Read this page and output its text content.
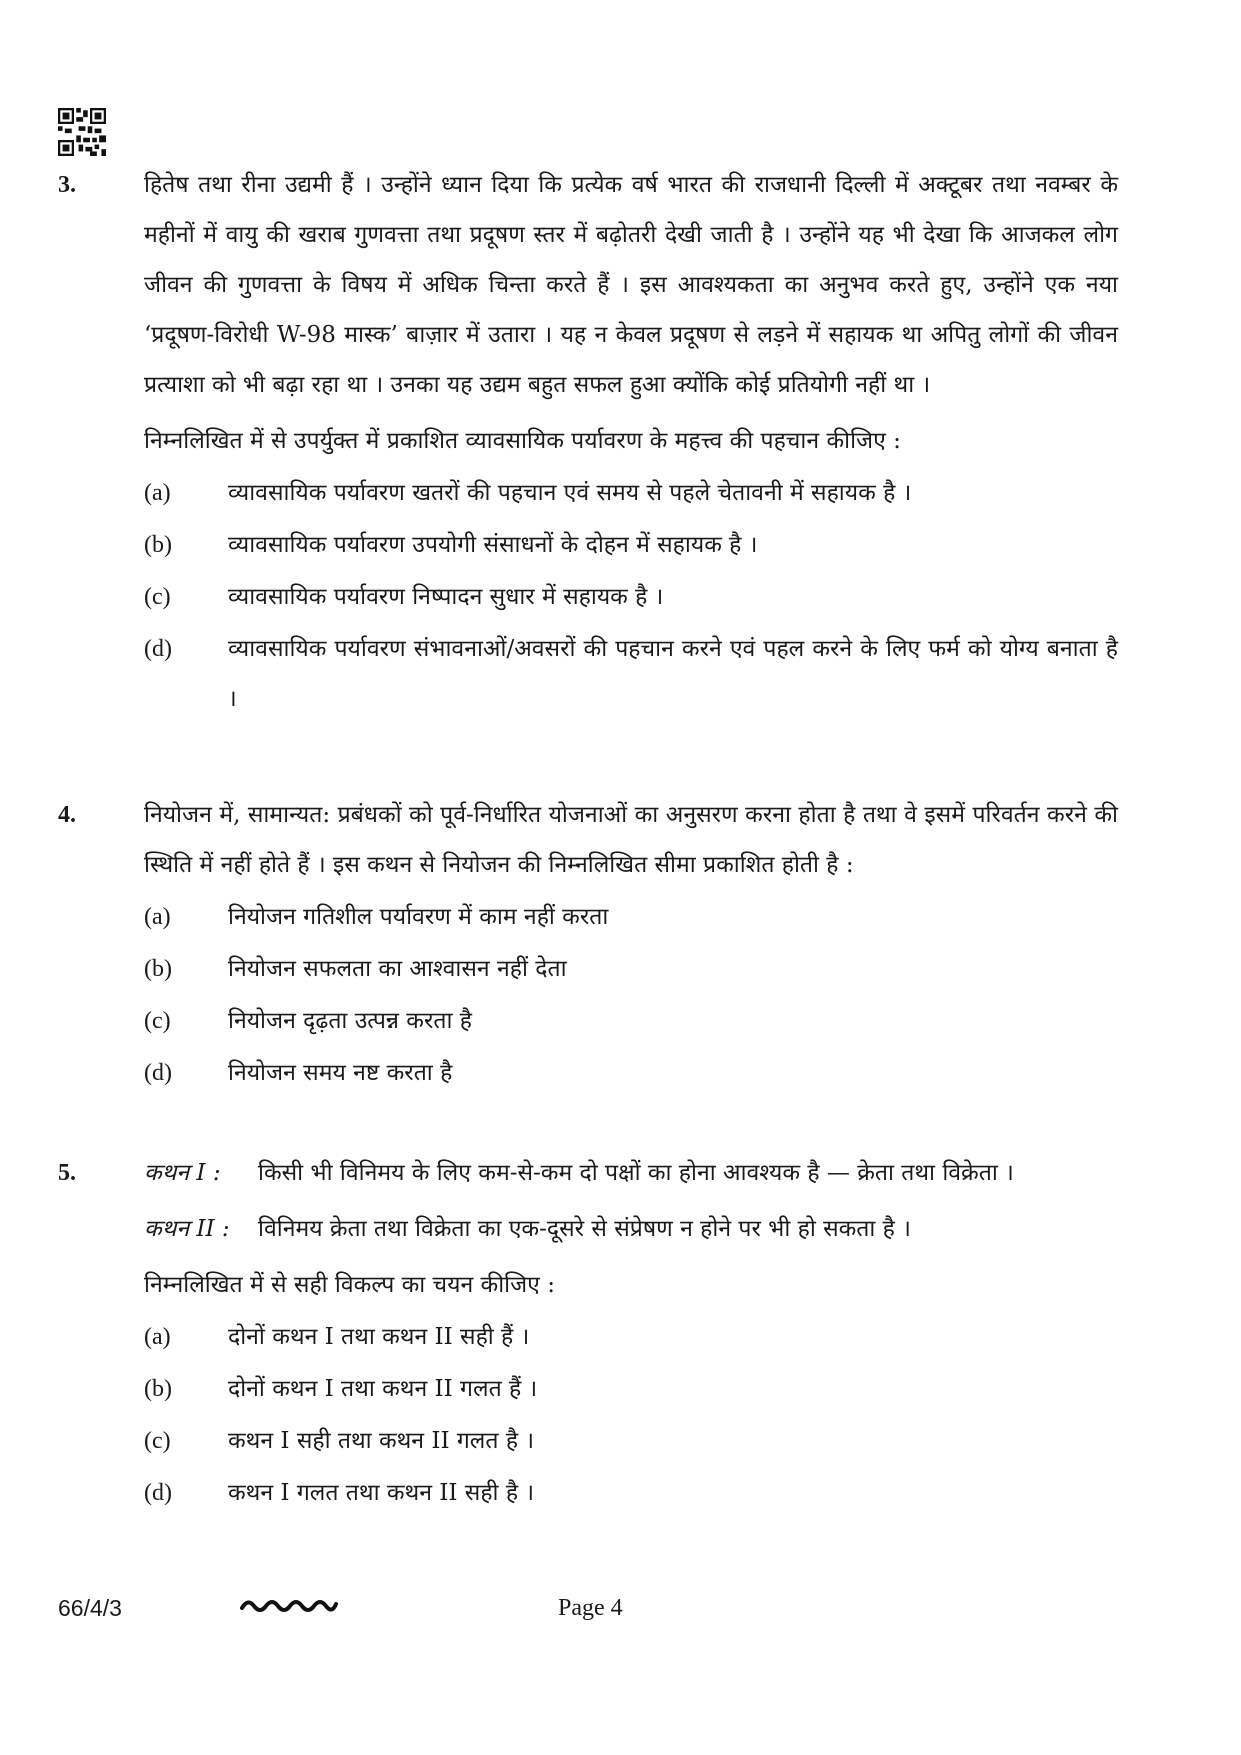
3.	हितेष तथा रीना उद्यमी हैं । उन्होंने ध्यान दिया कि प्रत्येक वर्ष भारत की राजधानी दिल्ली में अक्टूबर तथा नवम्बर के महीनों में वायु की खराब गुणवत्ता तथा प्रदूषण स्तर में बढ़ोतरी देखी जाती है । उन्होंने यह भी देखा कि आजकल लोग जीवन की गुणवत्ता के विषय में अधिक चिन्ता करते हैं । इस आवश्यकता का अनुभव करते हुए, उन्होंने एक नया ‘प्रदूषण-विरोधी W-98 मास्क’ बाज़ार में उतारा । यह न केवल प्रदूषण से लड़ने में सहायक था अपितु लोगों की जीवन प्रत्याशा को भी बढ़ा रहा था । उनका यह उद्यम बहुत सफल हुआ क्योंकि कोई प्रतियोगी नहीं था ।

निम्नलिखित में से उपर्युक्त में प्रकाशित व्यावसायिक पर्यावरण के महत्त्व की पहचान कीजिए :

(a)	व्यावसायिक पर्यावरण खतरों की पहचान एवं समय से पहले चेतावनी में सहायक है ।
(b)	व्यावसायिक पर्यावरण उपयोगी संसाधनों के दोहन में सहायक है ।
(c)	व्यावसायिक पर्यावरण निष्पादन सुधार में सहायक है ।
(d)	व्यावसायिक पर्यावरण संभावनाओं/अवसरों की पहचान करने एवं पहल करने के लिए फर्म को योग्य बनाता है ।
4.	नियोजन में, सामान्यत: प्रबंधकों को पूर्व-निर्धारित योजनाओं का अनुसरण करना होता है तथा वे इसमें परिवर्तन करने की स्थिति में नहीं होते हैं । इस कथन से नियोजन की निम्नलिखित सीमा प्रकाशित होती है :

(a)	नियोजन गतिशील पर्यावरण में काम नहीं करता
(b)	नियोजन सफलता का आश्वासन नहीं देता
(c)	नियोजन दृढ़ता उत्पन्न करता है
(d)	नियोजन समय नष्ट करता है
5.	कथन I :	किसी भी विनिमय के लिए कम-से-कम दो पक्षों का होना आवश्यक है — क्रेता तथा विक्रेता ।
कथन II :	विनिमय क्रेता तथा विक्रेता का एक-दूसरे से संप्रेषण न होने पर भी हो सकता है ।

निम्नलिखित में से सही विकल्प का चयन कीजिए :

(a)	दोनों कथन I तथा कथन II सही हैं ।
(b)	दोनों कथन I तथा कथन II गलत हैं ।
(c)	कथन I सही तथा कथन II गलत है ।
(d)	कथन I गलत तथा कथन II सही है ।
66/4/3	Page 4
